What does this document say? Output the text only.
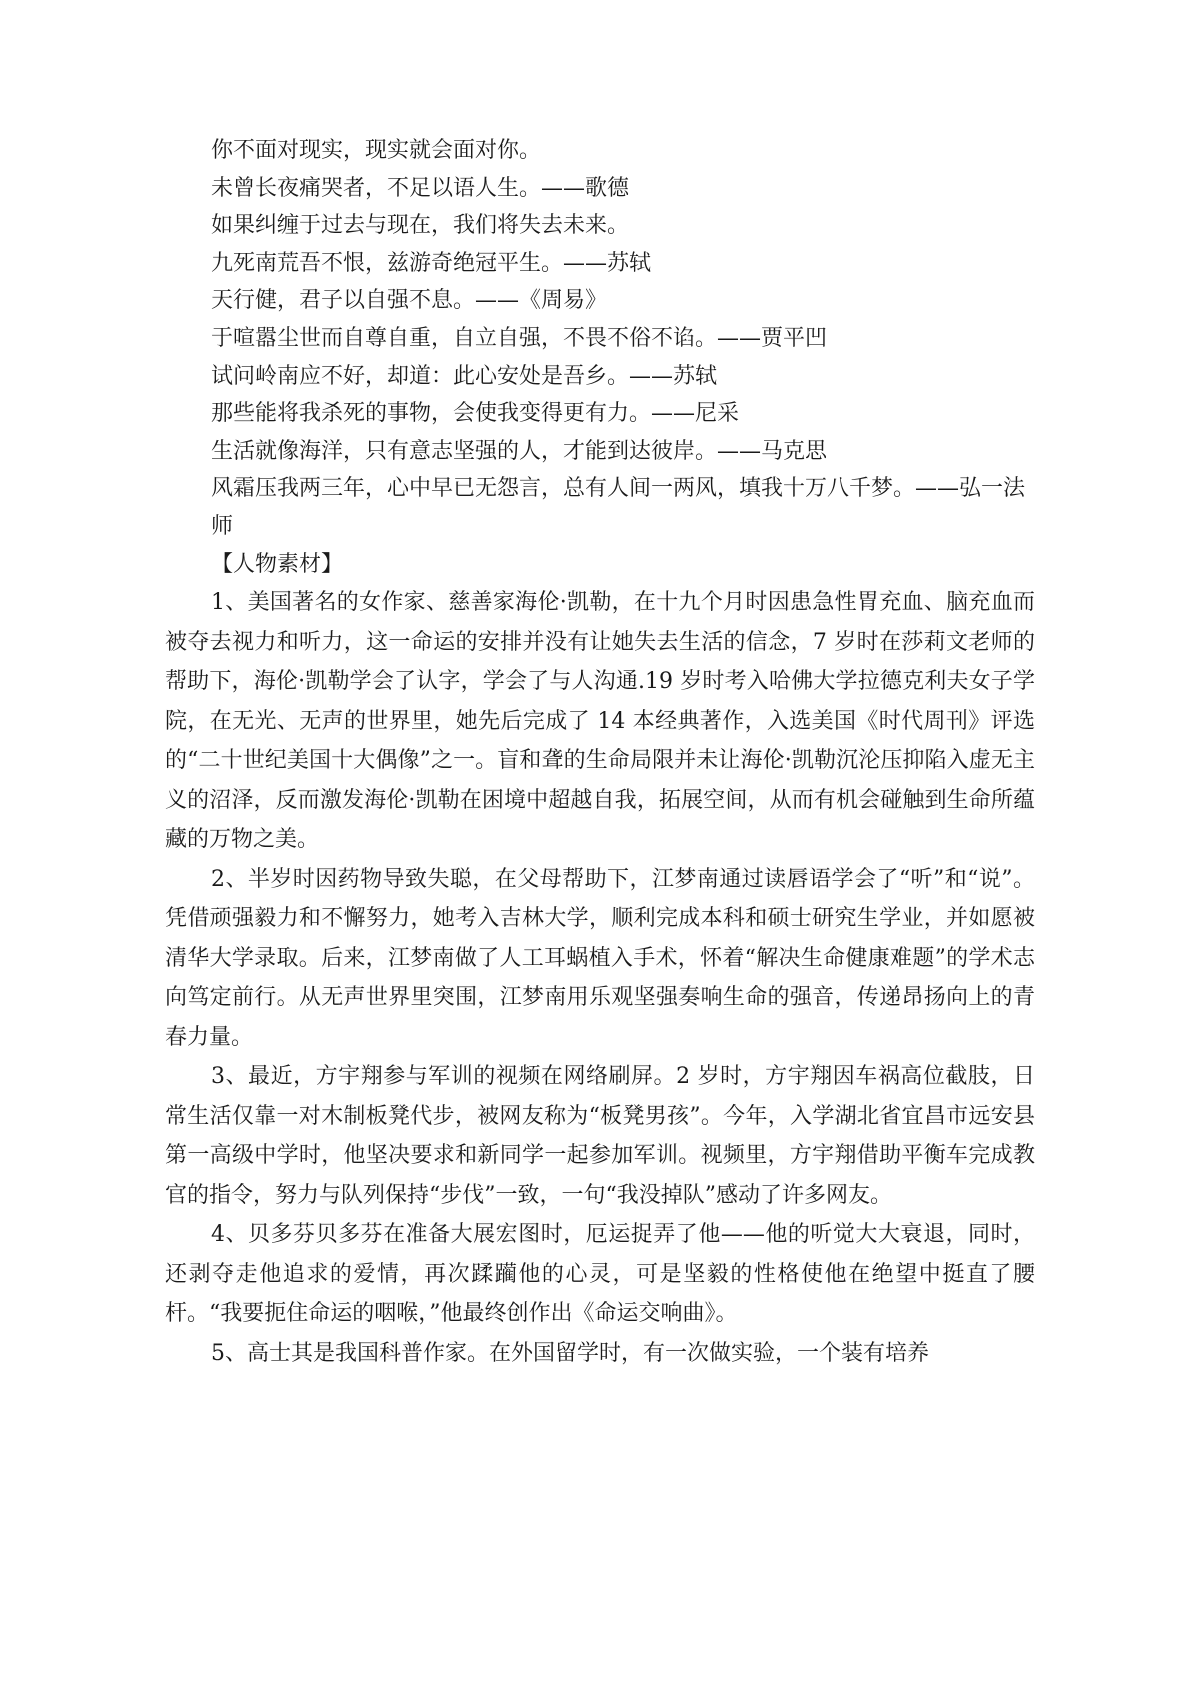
你不面对现实，现实就会面对你。

未曾长夜痛哭者，不足以语人生。——歌德

如果纠缠于过去与现在，我们将失去未来。

九死南荒吾不恨，兹游奇绝冠平生。——苏轼

天行健，君子以自强不息。——《周易》

于喧嚣尘世而自尊自重，自立自强，不畏不俗不谄。——贾平凹

试问岭南应不好，却道：此心安处是吾乡。——苏轼

那些能将我杀死的事物，会使我变得更有力。——尼采

生活就像海洋，只有意志坚强的人，才能到达彼岸。——马克思

风霜压我两三年，心中早已无怨言，总有人间一两风，填我十万八千梦。——弘一法师

【人物素材】

1、美国著名的女作家、慈善家海伦·凯勒，在十九个月时因患急性胃充血、脑充血而被夺去视力和听力，这一命运的安排并没有让她失去生活的信念，7 岁时在莎莉文老师的帮助下，海伦·凯勒学会了认字，学会了与人沟通.19 岁时考入哈佛大学拉德克利夫女子学院，在无光、无声的世界里，她先后完成了 14 本经典著作，入选美国《时代周刊》评选的“二十世纪美国十大偶像”之一。盲和聋的生命局限并未让海伦·凯勒沉沦压抑陷入虚无主义的沼泽，反而激发海伦·凯勒在困境中超越自我，拓展空间，从而有机会碰触到生命所蕴藏的万物之美。

2、半岁时因药物导致失聪，在父母帮助下，江梦南通过读唇语学会了“听”和“说”。凭借顽强毅力和不懈努力，她考入吉林大学，顺利完成本科和硕士研究生学业，并如愿被清华大学录取。后来，江梦南做了人工耳蜗植入手术，怀着“解决生命健康难题”的学术志向笃定前行。从无声世界里突围，江梦南用乐观坚强奏响生命的强音，传递昂扬向上的青春力量。

3、最近，方宇翔参与军训的视频在网络刷屏。2 岁时，方宇翔因车祸高位截肢，日常生活仅靠一对木制板凳代步，被网友称为“板凳男孩”。今年，入学湖北省宜昌市远安县第一高级中学时，他坚决要求和新同学一起参加军训。视频里，方宇翔借助平衡车完成教官的指令，努力与队列保持“步伐”一致，一句“我没掉队”感动了许多网友。

4、贝多芬贝多芬在准备大展宏图时，厄运捉弄了他——他的听觉大大衰退，同时，还剥夺走他追求的爱情，再次蹂躏他的心灵，可是坚毅的性格使他在绝望中挺直了腰杆。“我要扼住命运的咽喉，”他最终创作出《命运交响曲》。

5、高士其是我国科普作家。在外国留学时，有一次做实验，一个装有培养
